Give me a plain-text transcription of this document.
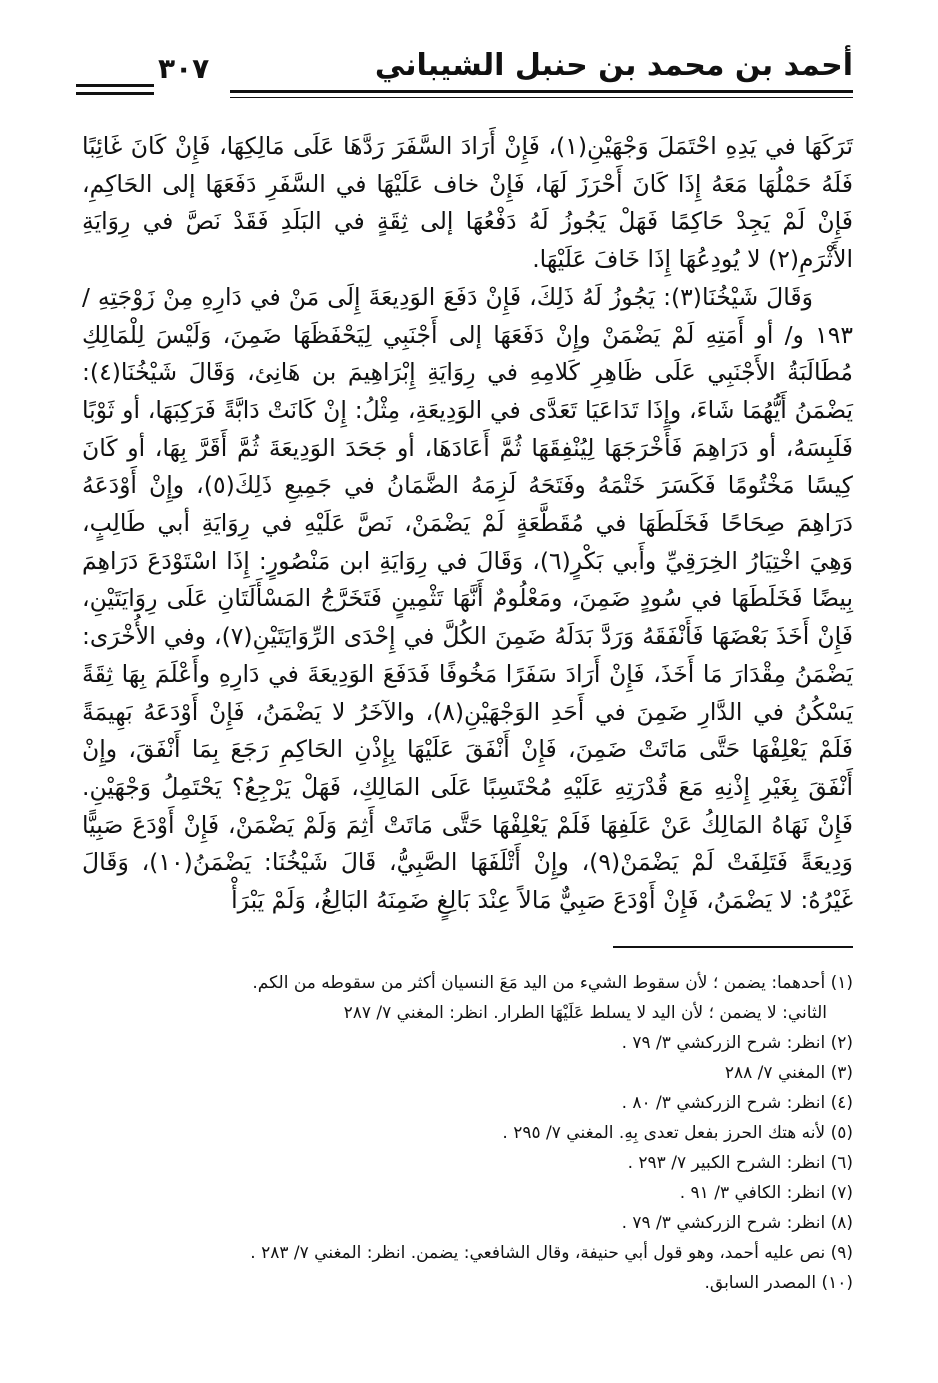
أحمد بن محمد بن حنبل الشيباني
٣٠٧

تَرَكَهَا في يَدِهِ احْتَمَلَ وَجْهَيْنِ(١)، فَإِنْ أَرَادَ السَّفَرَ رَدَّهَا عَلَى مَالِكِهَا، فَإِنْ كَانَ غَائِبًا فَلَهُ حَمْلُهَا مَعَهُ إِذَا كَانَ أَحْرَزَ لَهَا، فَإِنْ خاف عَلَيْهَا في السَّفَرِ دَفَعَهَا إلى الحَاكِمِ، فَإِنْ لَمْ يَجِدْ حَاكِمًا فَهَلْ يَجُوزُ لَهُ دَفْعُهَا إلى ثِقَةٍ في البَلَدِ فَقَدْ نَصَّ في رِوَايَةِ الأَثْرَمِ(٢) لا يُودِعُهَا إِذَا خَافَ عَلَيْهَا.

وَقَالَ شَيْخُنَا(٣): يَجُوزُ لَهُ ذَلِكَ، فَإِنْ دَفَعَ الوَدِيعَةَ إِلَى مَنْ في دَارِهِ مِنْ زَوْجَتِهِ / ١٩٣ و/ أو أَمَتِهِ لَمْ يَضْمَنْ وإِنْ دَفَعَهَا إلى أَجْنَبِي لِيَحْفَظَهَا ضَمِنَ، وَلَيْسَ لِلْمَالِكِ مُطَالَبَةُ الأَجْنَبِي عَلَى ظَاهِرِ كَلامِهِ في رِوَايَةِ إِبْرَاهِيمَ بن هَانِئ، وَقَالَ شَيْخُنَا(٤): يَضْمَنُ أَيُّهُمَا شَاءَ، وإِذَا تَدَاعَيَا تَعَدَّى في الوَدِيعَةِ، مِثْلُ: إِنْ كَانَتْ دَابَّةً فَرَكِبَهَا، أو ثَوْبًا فَلَبِسَهُ، أو دَرَاهِمَ فَأَخْرَجَهَا لِيُنْفِقَهَا ثُمَّ أَعَادَهَا، أو جَحَدَ الوَدِيعَةَ ثُمَّ أَقَرَّ بِهَا، أو كَانَ كِيسًا مَخْتُومًا فَكَسَرَ خَتْمَهُ وفَتَحَهُ لَزِمَهُ الضَّمَانُ في جَمِيعِ ذَلِكَ(٥)، وإِنْ أَوْدَعَهُ دَرَاهِمَ صِحَاحًا فَخَلَطَهَا في مُقَطَّعَةٍ لَمْ يَضْمَنْ، نَصَّ عَلَيْهِ في رِوَايَةِ أبي طَالِبٍ، وَهِيَ اخْتِيَارُ الخِرَقِيِّ وأَبي بَكْرٍ(٦)، وَقَالَ في رِوَايَةِ ابن مَنْصُورٍ: إِذَا اسْتَوْدَعَ دَرَاهِمَ بِيضًا فَخَلَطَهَا في سُودٍ ضَمِنَ، ومَعْلُومٌ أَنَّهَا تَثْمِينٍ فَتَخَرَّجُ المَسْأَلَتَانِ عَلَى رِوَايَتَيْنِ، فَإِنْ أَخَذَ بَعْضَهَا فَأَنْفَقَهُ وَرَدَّ بَدَلَهُ ضَمِنَ الكُلَّ في إِحْدَى الرِّوَايَتَيْنِ(٧)، وفي الأُخْرَى: يَضْمَنُ مِقْدَارَ مَا أَخَذَ، فَإِنْ أَرَادَ سَفَرًا مَخُوفًا فَدَفَعَ الوَدِيعَةَ في دَارِهِ وأَعْلَمَ بِهَا ثِقَةً يَسْكُنُ في الدَّارِ ضَمِنَ في أَحَدِ الوَجْهَيْنِ(٨)، والآخَرُ لا يَضْمَنُ، فَإِنْ أَوْدَعَهُ بَهِيمَةً فَلَمْ يَعْلِفْهَا حَتَّى مَاتَتْ ضَمِنَ، فَإِنْ أَنْفَقَ عَلَيْهَا بِإِذْنِ الحَاكِمِ رَجَعَ بِمَا أَنْفَقَ، وإِنْ أَنْفَقَ بِغَيْرِ إِذْنِهِ مَعَ قُدْرَتِهِ عَلَيْهِ مُحْتَسِبًا عَلَى المَالِكِ، فَهَلْ يَرْجِعُ؟ يَحْتَمِلُ وَجْهَيْنِ. فَإِنْ نَهَاهُ المَالِكُ عَنْ عَلَفِهَا فَلَمْ يَعْلِفْهَا حَتَّى مَاتَتْ أَثِمَ وَلَمْ يَضْمَنْ، فَإِنْ أَوْدَعَ صَبِيًّا وَدِيعَةً فَتَلِفَتْ لَمْ يَضْمَنْ(٩)، وإِنْ أَتْلَفَهَا الصَّبِيُّ، قَالَ شَيْخُنَا: يَضْمَنُ(١٠)، وَقَالَ غَيْرُهُ: لا يَضْمَنُ، فَإِنْ أَوْدَعَ صَبِيٌّ مَالاً عِنْدَ بَالِغٍ ضَمِنَهُ البَالِغُ، وَلَمْ يَبْرَأْ

(١) أحدهما: يضمن ؛ لأن سقوط الشيء من اليد مَعَ النسيان أكثر من سقوطه من الكم.

الثاني: لا يضمن ؛ لأن اليد لا يسلط عَلَيْهَا الطرار. انظر: المغني ٧/ ٢٨٧

(٢) انظر: شرح الزركشي ٣/ ٧٩ .

(٣) المغني ٧/ ٢٨٨

(٤) انظر: شرح الزركشي ٣/ ٨٠ .

(٥) لأنه هتك الحرز بفعل تعدى بِهِ. المغني ٧/ ٢٩٥ .

(٦) انظر: الشرح الكبير ٧/ ٢٩٣ .

(٧) انظر: الكافي ٣/ ٩١ .

(٨) انظر: شرح الزركشي ٣/ ٧٩ .

(٩) نص عليه أحمد، وهو قول أبي حنيفة، وقال الشافعي: يضمن. انظر: المغني ٧/ ٢٨٣ .

(١٠) المصدر السابق.
